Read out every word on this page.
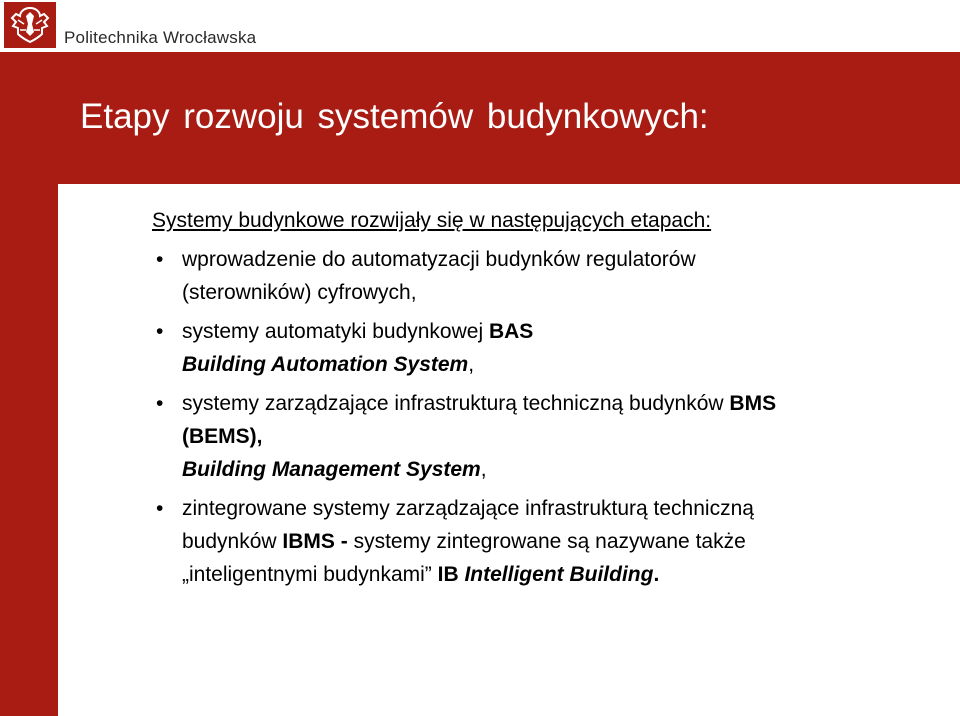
Politechnika Wrocławska
Etapy rozwoju systemów budynkowych:

Systemy budynkowe rozwijały się w następujących etapach:

• wprowadzenie do automatyzacji budynków regulatorów
(sterowników) cyfrowych,
• systemy automatyki budynkowej BAS
Building Automation System,
• systemy zarządzające infrastrukturą techniczną budynków BMS
(BEMS),
Building Management System,
• zintegrowane systemy zarządzające infrastrukturą techniczną
budynków IBMS - systemy zintegrowane są nazywane także
„inteligentnymi budynkami” IB Intelligent Building.
